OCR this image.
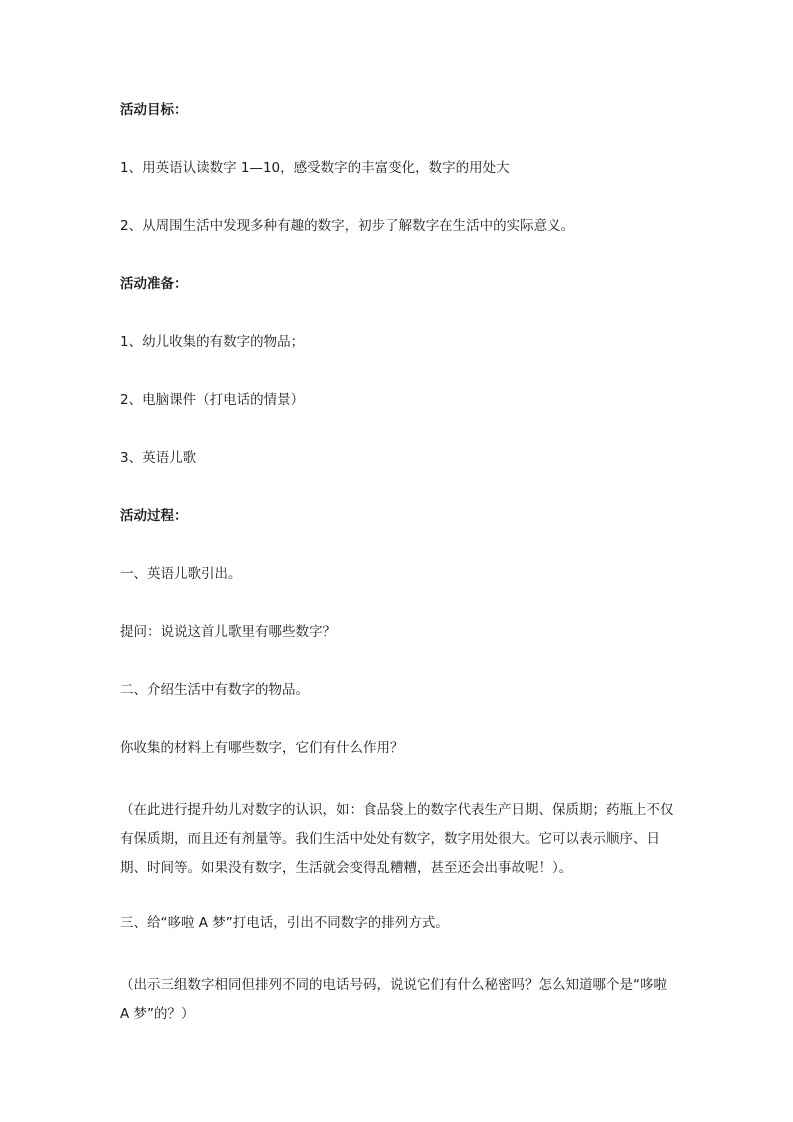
活动目标：

1、用英语认读数字 1—10，感受数字的丰富变化，数字的用处大

2、从周围生活中发现多种有趣的数字，初步了解数字在生活中的实际意义。

活动准备：

1、幼儿收集的有数字的物品；

2、电脑课件（打电话的情景）

3、英语儿歌

活动过程：

一、英语儿歌引出。

提问：说说这首儿歌里有哪些数字？

二、介绍生活中有数字的物品。

你收集的材料上有哪些数字，它们有什么作用？

（在此进行提升幼儿对数字的认识，如：食品袋上的数字代表生产日期、保质期；药瓶上不仅有保质期，而且还有剂量等。我们生活中处处有数字，数字用处很大。它可以表示顺序、日期、时间等。如果没有数字，生活就会变得乱糟糟，甚至还会出事故呢！）。

三、给“哆啦 A 梦”打电话，引出不同数字的排列方式。

（出示三组数字相同但排列不同的电话号码，说说它们有什么秘密吗？怎么知道哪个是“哆啦 A 梦”的？）
